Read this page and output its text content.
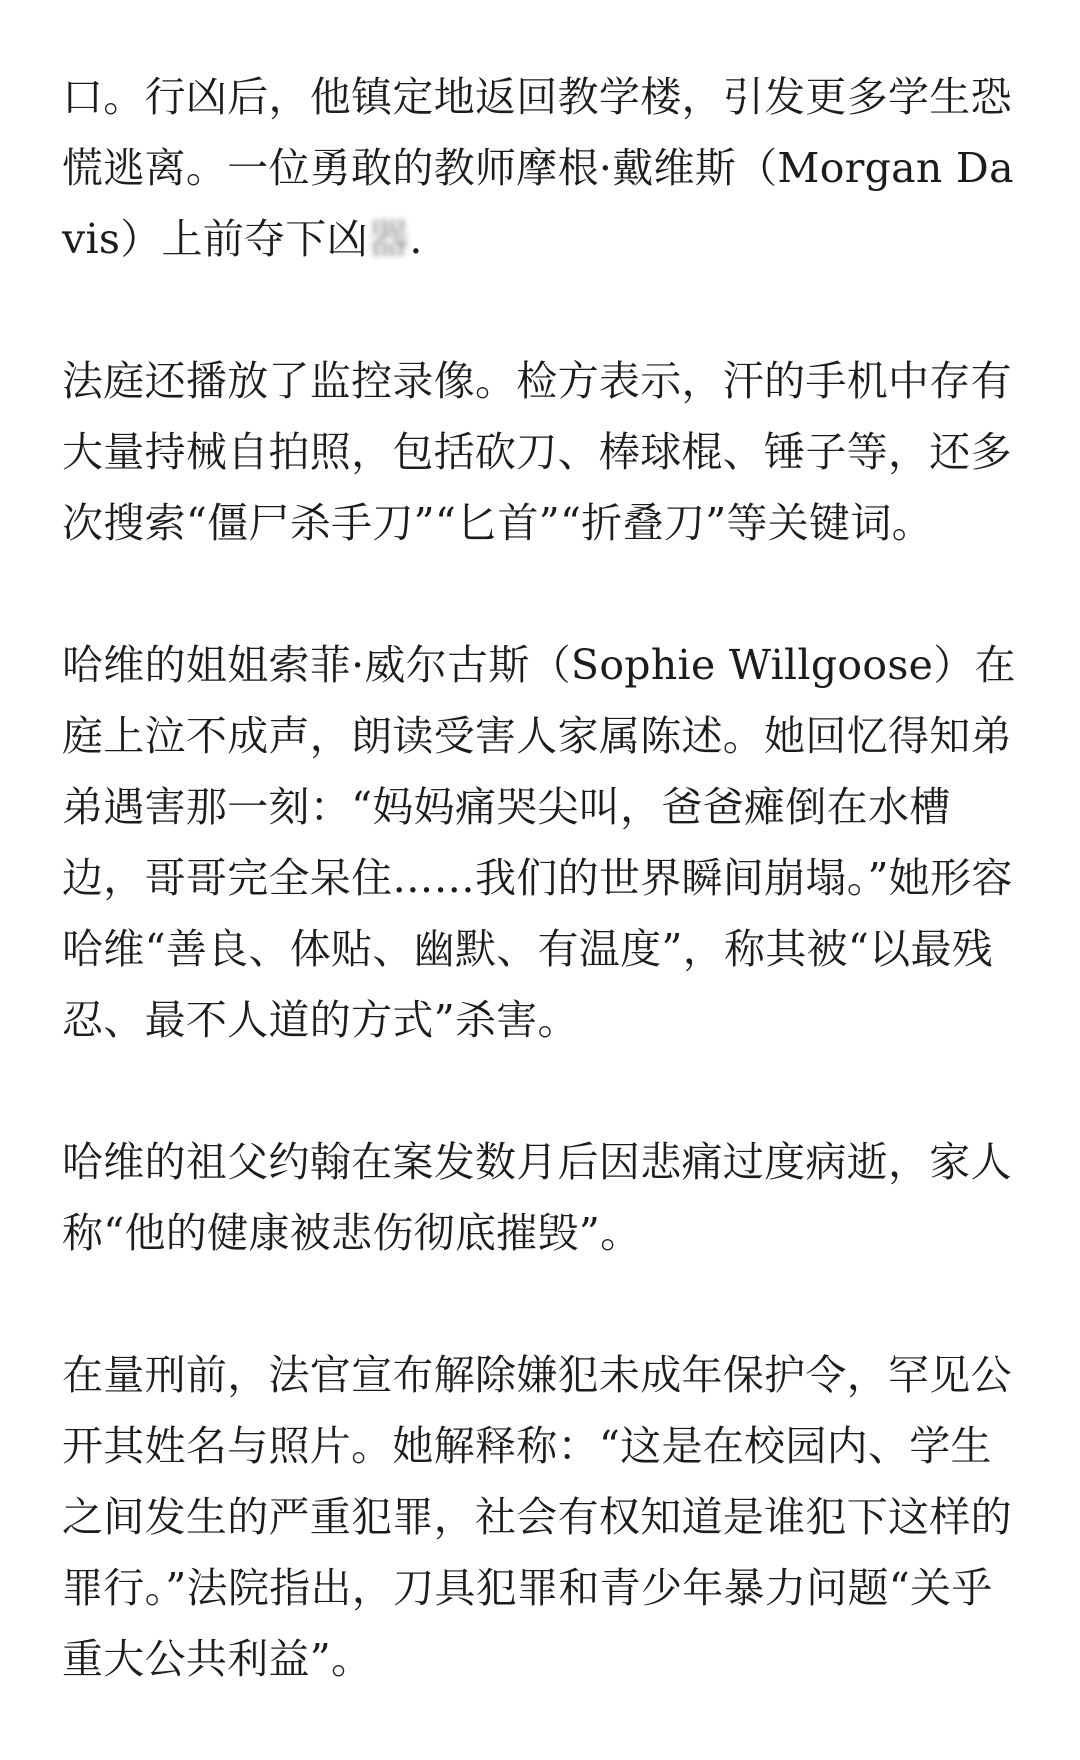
口。行凶后，他镇定地返回教学楼，引发更多学生恐慌逃离。一位勇敢的教师摩根·戴维斯（Morgan Davis）上前夺下凶器.

法庭还播放了监控录像。检方表示，汗的手机中存有大量持械自拍照，包括砍刀、棒球棍、锤子等，还多次搜索“僵尸杀手刀”“匕首”“折叠刀”等关键词。

哈维的姐姐索菲·威尔古斯（Sophie Willgoose）在庭上泣不成声，朗读受害人家属陈述。她回忆得知弟弟遇害那一刻：“妈妈痛哭尖叫，爸爸瘫倒在水槽边，哥哥完全呆住……我们的世界瞬间崩塌。”她形容哈维“善良、体贴、幽默、有温度”，称其被“以最残忍、最不人道的方式”杀害。

哈维的祖父约翰在案发数月后因悲痛过度病逝，家人称“他的健康被悲伤彻底摧毁”。

在量刑前，法官宣布解除嫌犯未成年保护令，罕见公开其姓名与照片。她解释称：“这是在校园内、学生之间发生的严重犯罪，社会有权知道是谁犯下这样的罪行。”法院指出，刀具犯罪和青少年暴力问题“关乎重大公共利益”。
